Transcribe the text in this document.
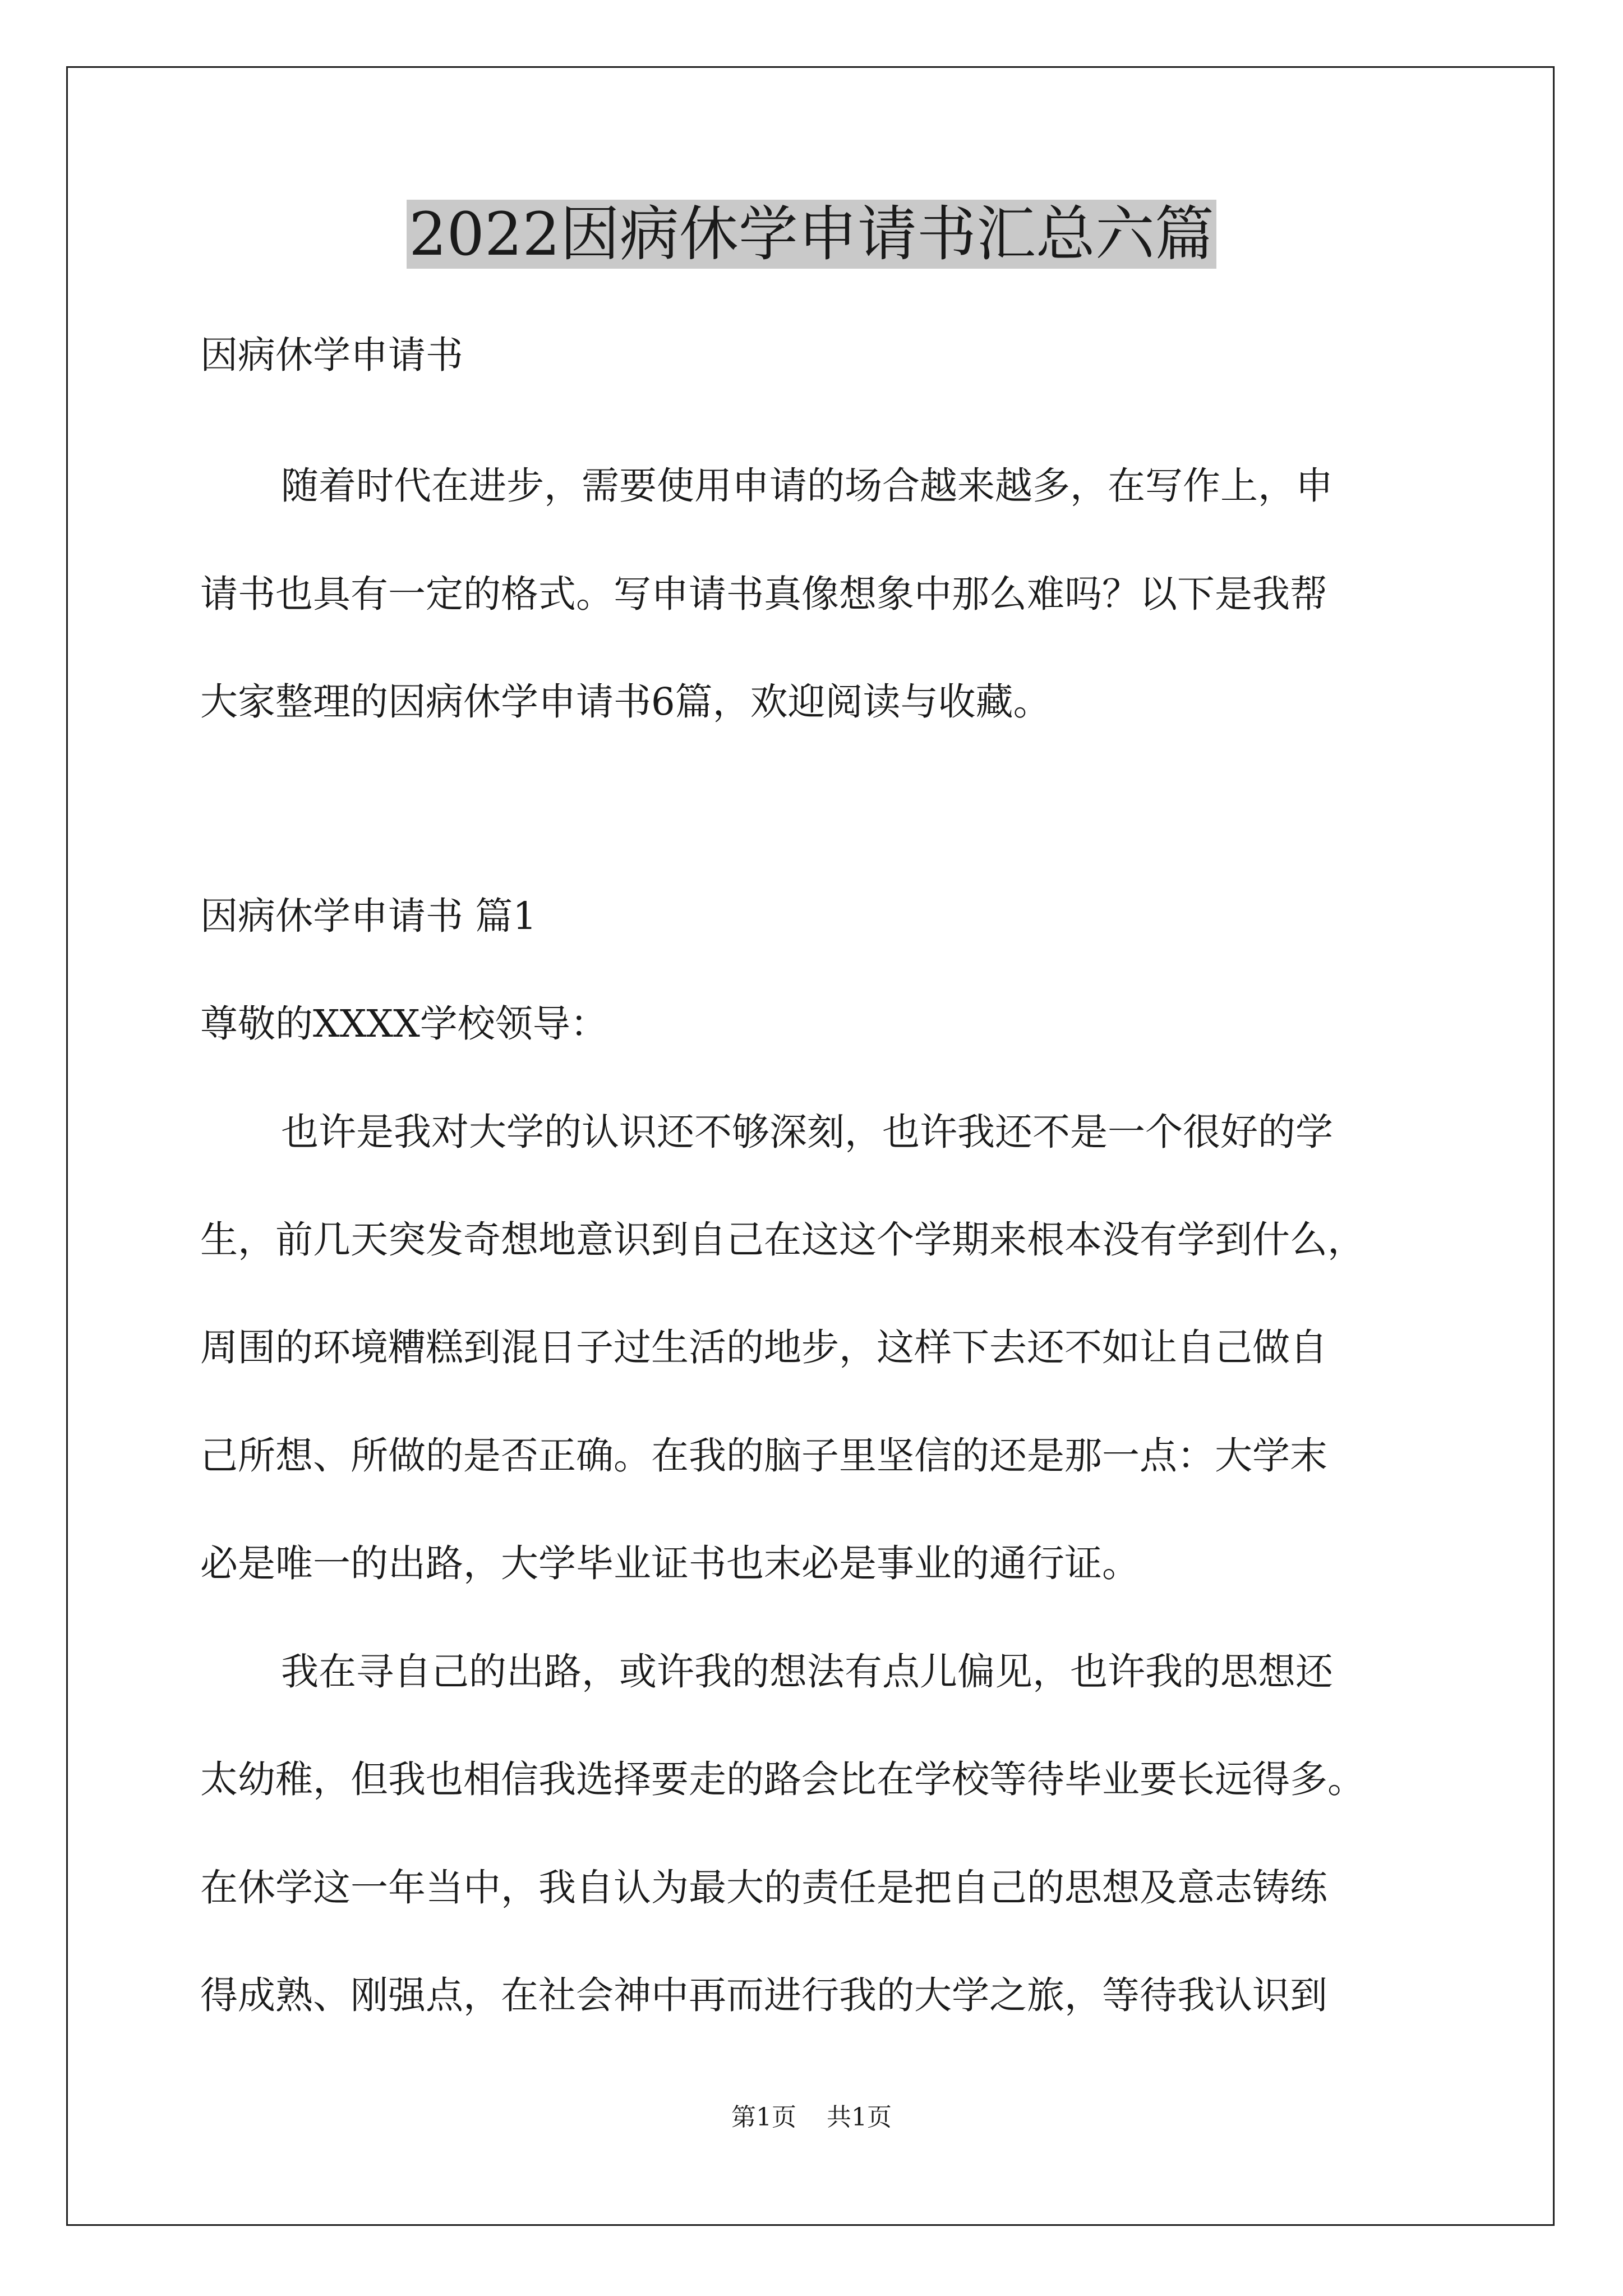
2022因病休学申请书汇总六篇
因病休学申请书
随着时代在进步，需要使用申请的场合越来越多，在写作上，申
请书也具有一定的格式。写申请书真像想象中那么难吗？以下是我帮
大家整理的因病休学申请书6篇，欢迎阅读与收藏。
因病休学申请书 篇1
尊敬的XXXX学校领导：
也许是我对大学的认识还不够深刻，也许我还不是一个很好的学
生，前几天突发奇想地意识到自己在这这个学期来根本没有学到什么，
周围的环境糟糕到混日子过生活的地步，这样下去还不如让自己做自
己所想、所做的是否正确。在我的脑子里坚信的还是那一点：大学末
必是唯一的出路，大学毕业证书也末必是事业的通行证。
我在寻自己的出路，或许我的想法有点儿偏见，也许我的思想还
太幼稚，但我也相信我选择要走的路会比在学校等待毕业要长远得多。
在休学这一年当中，我自认为最大的责任是把自己的思想及意志铸练
得成熟、刚强点，在社会神中再而进行我的大学之旅，等待我认识到
第1页 共1页
